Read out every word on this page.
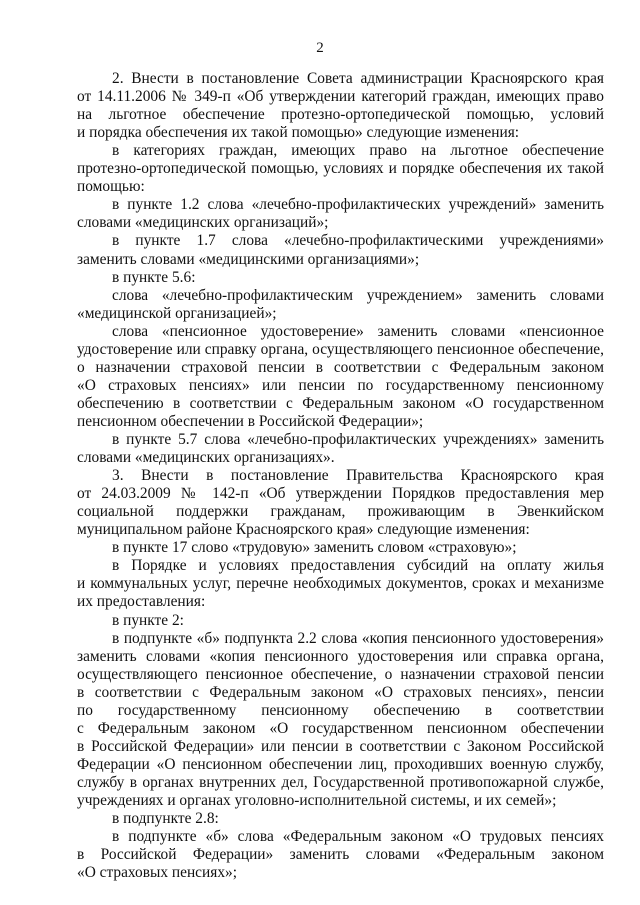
2
2. Внести в постановление Совета администрации Красноярского края
от 14.11.2006 № 349-п «Об утверждении категорий граждан, имеющих право
на льготное обеспечение протезно-ортопедической помощью, условий
и порядка обеспечения их такой помощью» следующие изменения:
в категориях граждан, имеющих право на льготное обеспечение
протезно-ортопедической помощью, условиях и порядке обеспечения их такой
помощью:
в пункте 1.2 слова «лечебно-профилактических учреждений» заменить
словами «медицинских организаций»;
в пункте 1.7 слова «лечебно-профилактическими учреждениями»
заменить словами «медицинскими организациями»;
в пункте 5.6:
слова «лечебно-профилактическим учреждением» заменить словами
«медицинской организацией»;
слова «пенсионное удостоверение» заменить словами «пенсионное
удостоверение или справку органа, осуществляющего пенсионное обеспечение,
о назначении страховой пенсии в соответствии с Федеральным законом
«О страховых пенсиях» или пенсии по государственному пенсионному
обеспечению в соответствии с Федеральным законом «О государственном
пенсионном обеспечении в Российской Федерации»;
в пункте 5.7 слова «лечебно-профилактических учреждениях» заменить
словами «медицинских организациях».
3. Внести в постановление Правительства Красноярского края
от 24.03.2009 № 142-п «Об утверждении Порядков предоставления мер
социальной поддержки гражданам, проживающим в Эвенкийском
муниципальном районе Красноярского края» следующие изменения:
в пункте 17 слово «трудовую» заменить словом «страховую»;
в Порядке и условиях предоставления субсидий на оплату жилья
и коммунальных услуг, перечне необходимых документов, сроках и механизме
их предоставления:
в пункте 2:
в подпункте «б» подпункта 2.2 слова «копия пенсионного удостоверения»
заменить словами «копия пенсионного удостоверения или справка органа,
осуществляющего пенсионное обеспечение, о назначении страховой пенсии
в соответствии с Федеральным законом «О страховых пенсиях», пенсии
по государственному пенсионному обеспечению в соответствии
с Федеральным законом «О государственном пенсионном обеспечении
в Российской Федерации» или пенсии в соответствии с Законом Российской
Федерации «О пенсионном обеспечении лиц, проходивших военную службу,
службу в органах внутренних дел, Государственной противопожарной службе,
учреждениях и органах уголовно-исполнительной системы, и их семей»;
в подпункте 2.8:
в подпункте «б» слова «Федеральным законом «О трудовых пенсиях
в Российской Федерации» заменить словами «Федеральным законом
«О страховых пенсиях»;
